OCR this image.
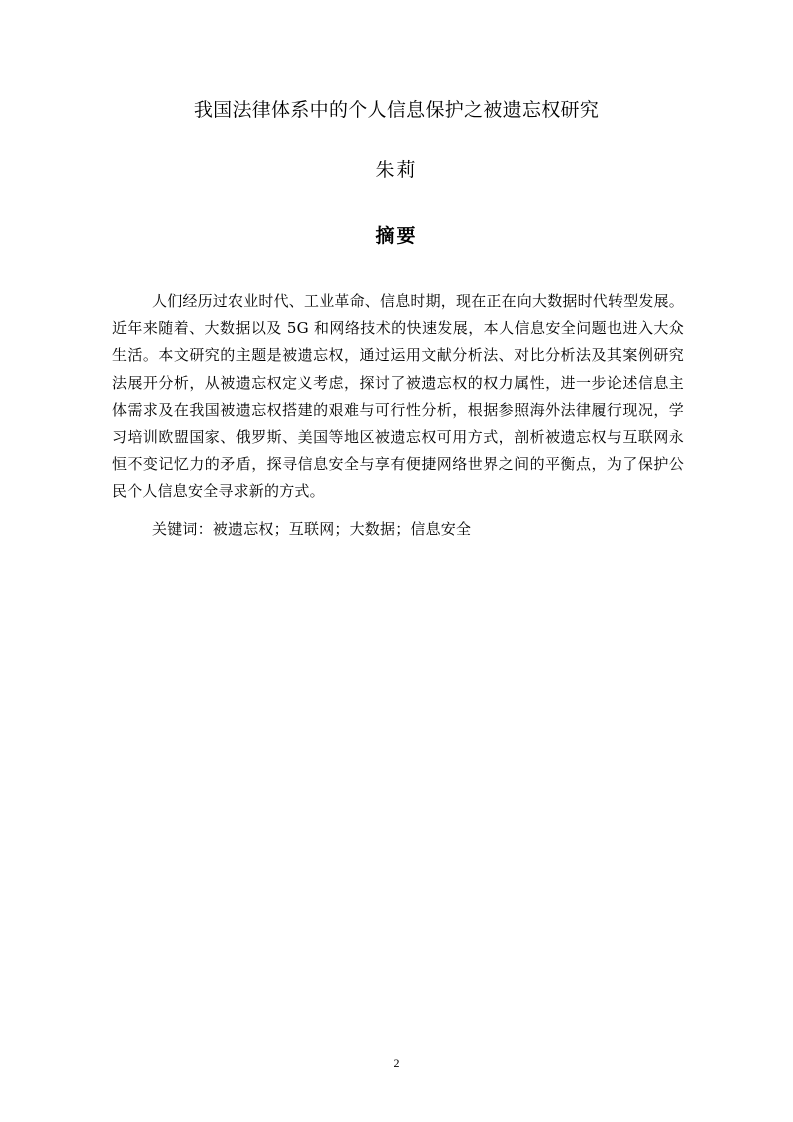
我国法律体系中的个人信息保护之被遗忘权研究
朱莉
摘要

人们经历过农业时代、工业革命、信息时期，现在正在向大数据时代转型发展。近年来随着、大数据以及 5G 和网络技术的快速发展，本人信息安全问题也进入大众生活。本文研究的主题是被遗忘权，通过运用文献分析法、对比分析法及其案例研究法展开分析，从被遗忘权定义考虑，探讨了被遗忘权的权力属性，进一步论述信息主体需求及在我国被遗忘权搭建的艰难与可行性分析，根据参照海外法律履行现况，学习培训欧盟国家、俄罗斯、美国等地区被遗忘权可用方式，剖析被遗忘权与互联网永恒不变记忆力的矛盾，探寻信息安全与享有便捷网络世界之间的平衡点，为了保护公民个人信息安全寻求新的方式。

关键词：被遗忘权；互联网；大数据；信息安全

2
